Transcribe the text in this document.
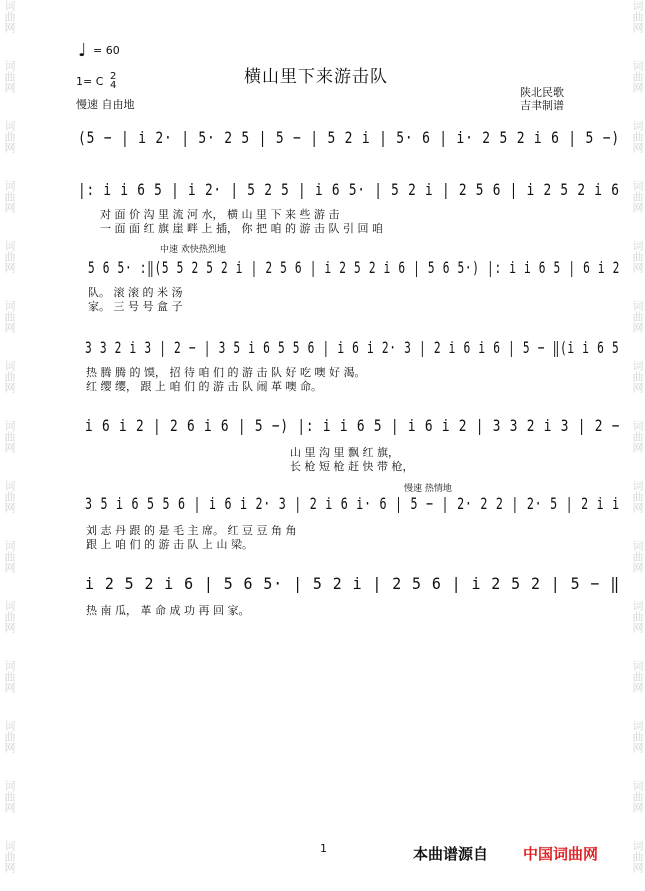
词曲网
词曲网
词曲网
词曲网
词曲网
词曲网
词曲网
词曲网
词曲网
词曲网
词曲网
词曲网
词曲网
词曲网
词曲网
词曲网
词曲网
词曲网
词曲网
词曲网
词曲网
词曲网
词曲网
词曲网
词曲网
词曲网
词曲网
词曲网
词曲网
词曲网
♩ = 60
横山里下来游击队
1= C 2
4
慢速 自由地
陕北民歌
吉聿制谱
(5 − | i 2· | 5· 2 5 | 5 − | 5 2 i | 5· 6 | i· 2 5 2 i 6 | 5 −)
|: i i 6 5 | i 2· | 5 2 5 | i 6 5· | 5 2 i | 2 5 6 | i 2 5 2 i 6
对 面 价 沟 里 流 河 水， 横 山 里 下 来 些 游 击
一 面 面 红 旗 崖 畔 上 插， 你 把 咱 的 游 击 队 引 回 咱
中速 欢快热烈地
5 6 5· :‖(5 5 2 5 2 i | 2 5 6 | i 2 5 2 i 6 | 5 6 5·) |: i i 6 5 | 6 i 2
队。 滚 滚 的 米 汤
家。 三 号 号 盒 子
3 3 2 i 3 | 2 − | 3 5 i 6 5 5 6 | i 6 i 2· 3 | 2 i 6 i 6 | 5 − ‖(i i 6 5
热 腾 腾 的 馍， 招 待 咱 们 的 游 击 队 好 吃 噢 好 渴。
红 缨 缨， 跟 上 咱 们 的 游 击 队 闹 革 噢 命。
i 6 i 2 | 2 6 i 6 | 5 −) |: i i 6 5 | i 6 i 2 | 3 3 2 i 3 | 2 −
山 里 沟 里 飘 红 旗，
长 枪 短 枪 赶 快 带 枪，
慢速 热情地
3 5 i 6 5 5 6 | i 6 i 2· 3 | 2 i 6 i· 6 | 5 − | 2· 2 2 | 2· 5 | 2 i i
刘 志 丹 跟 的 是 毛 主 席。 红 豆 豆 角 角
跟 上 咱 们 的 游 击 队 上 山 梁。
i 2 5 2 i 6 | 5 6 5· | 5 2 i | 2 5 6 | i 2 5 2 | 5 − ‖
热 南 瓜， 革 命 成 功 再 回 家。
1	本曲谱源自 中国词曲网
